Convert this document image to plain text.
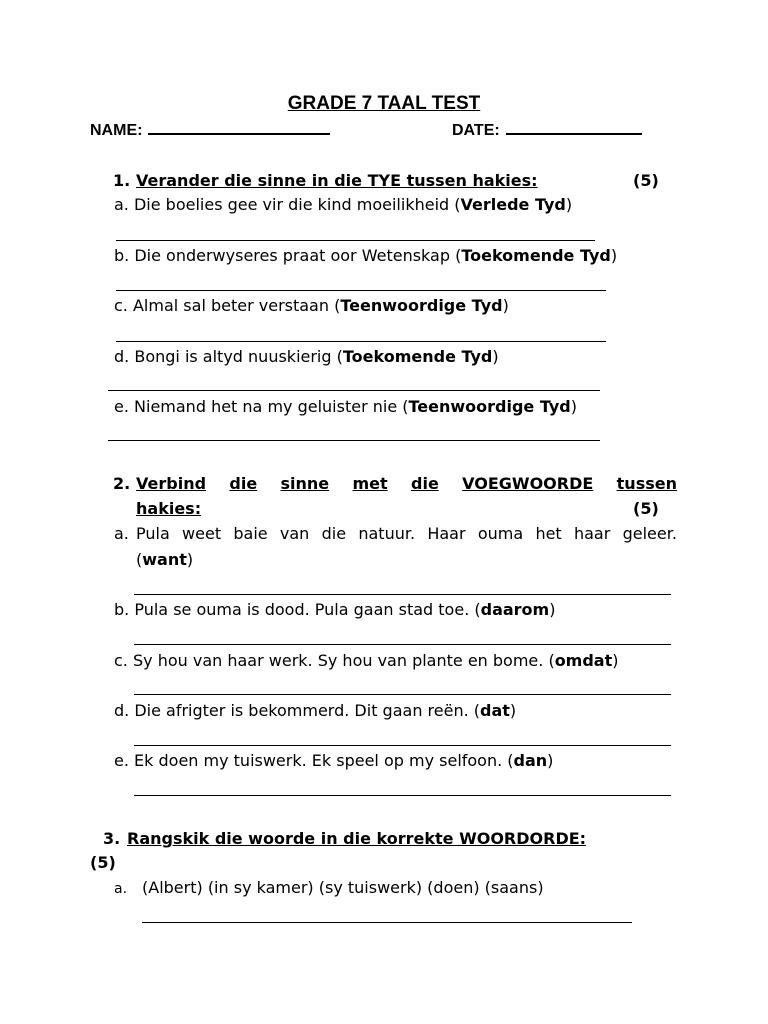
GRADE 7 TAAL TEST
NAME:	DATE:
1. Verander die sinne in die TYE tussen hakies:	(5)
a. Die boelies gee vir die kind moeilikheid (Verlede Tyd)
b. Die onderwyseres praat oor Wetenskap (Toekomende Tyd)
c. Almal sal beter verstaan (Teenwoordige Tyd)
d. Bongi is altyd nuuskierig (Toekomende Tyd)
e. Niemand het na my geluister nie (Teenwoordige Tyd)
2. Verbind die sinne met die VOEGWOORDE tussen
hakies:	(5)
a. Pula weet baie van die natuur. Haar ouma het haar geleer.
(want)
b. Pula se ouma is dood. Pula gaan stad toe. (daarom)
c. Sy hou van haar werk. Sy hou van plante en bome. (omdat)
d. Die afrigter is bekommerd. Dit gaan reën. (dat)
e. Ek doen my tuiswerk. Ek speel op my selfoon. (dan)
3. Rangskik die woorde in die korrekte WOORDORDE:
(5)
a. (Albert) (in sy kamer) (sy tuiswerk) (doen) (saans)
